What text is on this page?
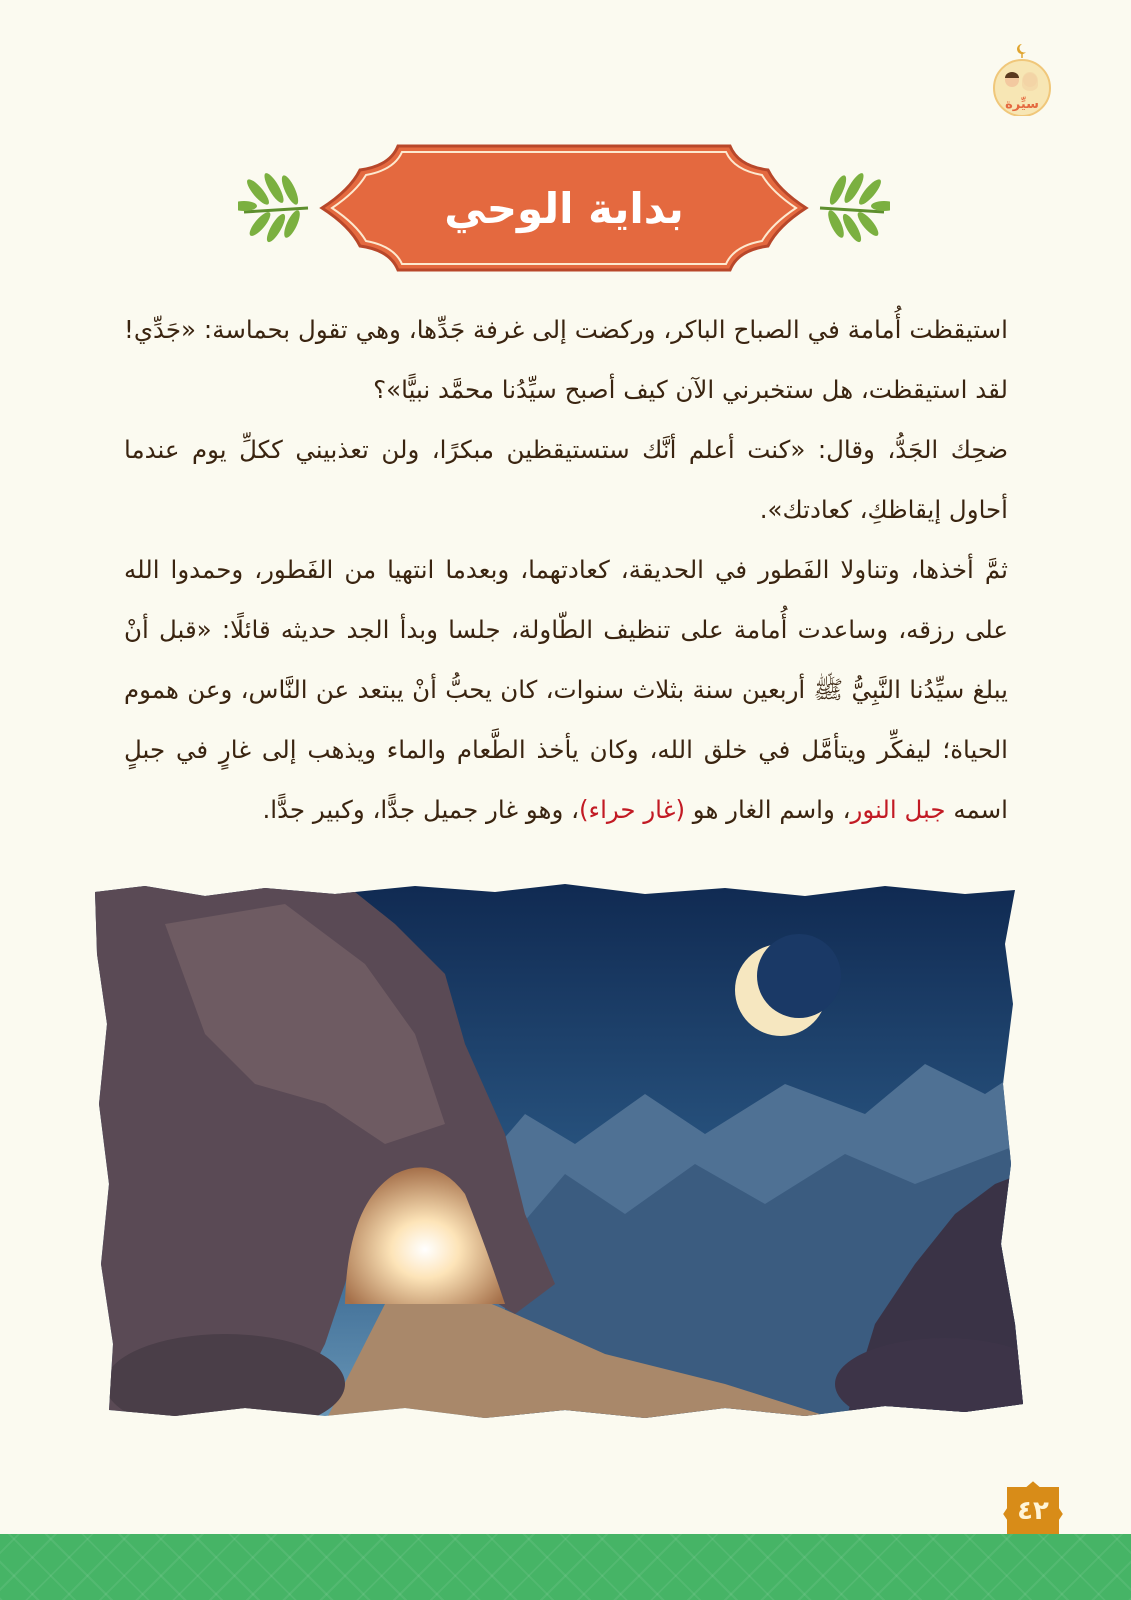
سيِّرة
بداية الوحي

استيقظت أُمامة في الصباح الباكر، وركضت إلى غرفة جَدِّها، وهي تقول بحماسة: «جَدِّي! لقد استيقظت، هل ستخبرني الآن كيف أصبح سيِّدُنا محمَّد نبيًّا»؟

ضحِك الجَدُّ، وقال: «كنت أعلم أنَّك ستستيقظين مبكرًا، ولن تعذبيني ككلِّ يوم عندما أحاول إيقاظكِ، كعادتك».

ثمَّ أخذها، وتناولا الفَطور في الحديقة، كعادتهما، وبعدما انتهيا من الفَطور، وحمدوا الله على رزقه، وساعدت أُمامة على تنظيف الطّاولة، جلسا وبدأ الجد حديثه قائلًا: «قبل أنْ يبلغ سيِّدُنا النَّبِيُّ ﷺ أربعين سنة بثلاث سنوات، كان يحبُّ أنْ يبتعد عن النَّاس، وعن هموم الحياة؛ ليفكِّر ويتأمَّل في خلق الله، وكان يأخذ الطَّعام والماء ويذهب إلى غارٍ في جبلٍ اسمه جبل النور، واسم الغار هو (غار حراء)، وهو غار جميل جدًّا، وكبير جدًّا.

٤٢
